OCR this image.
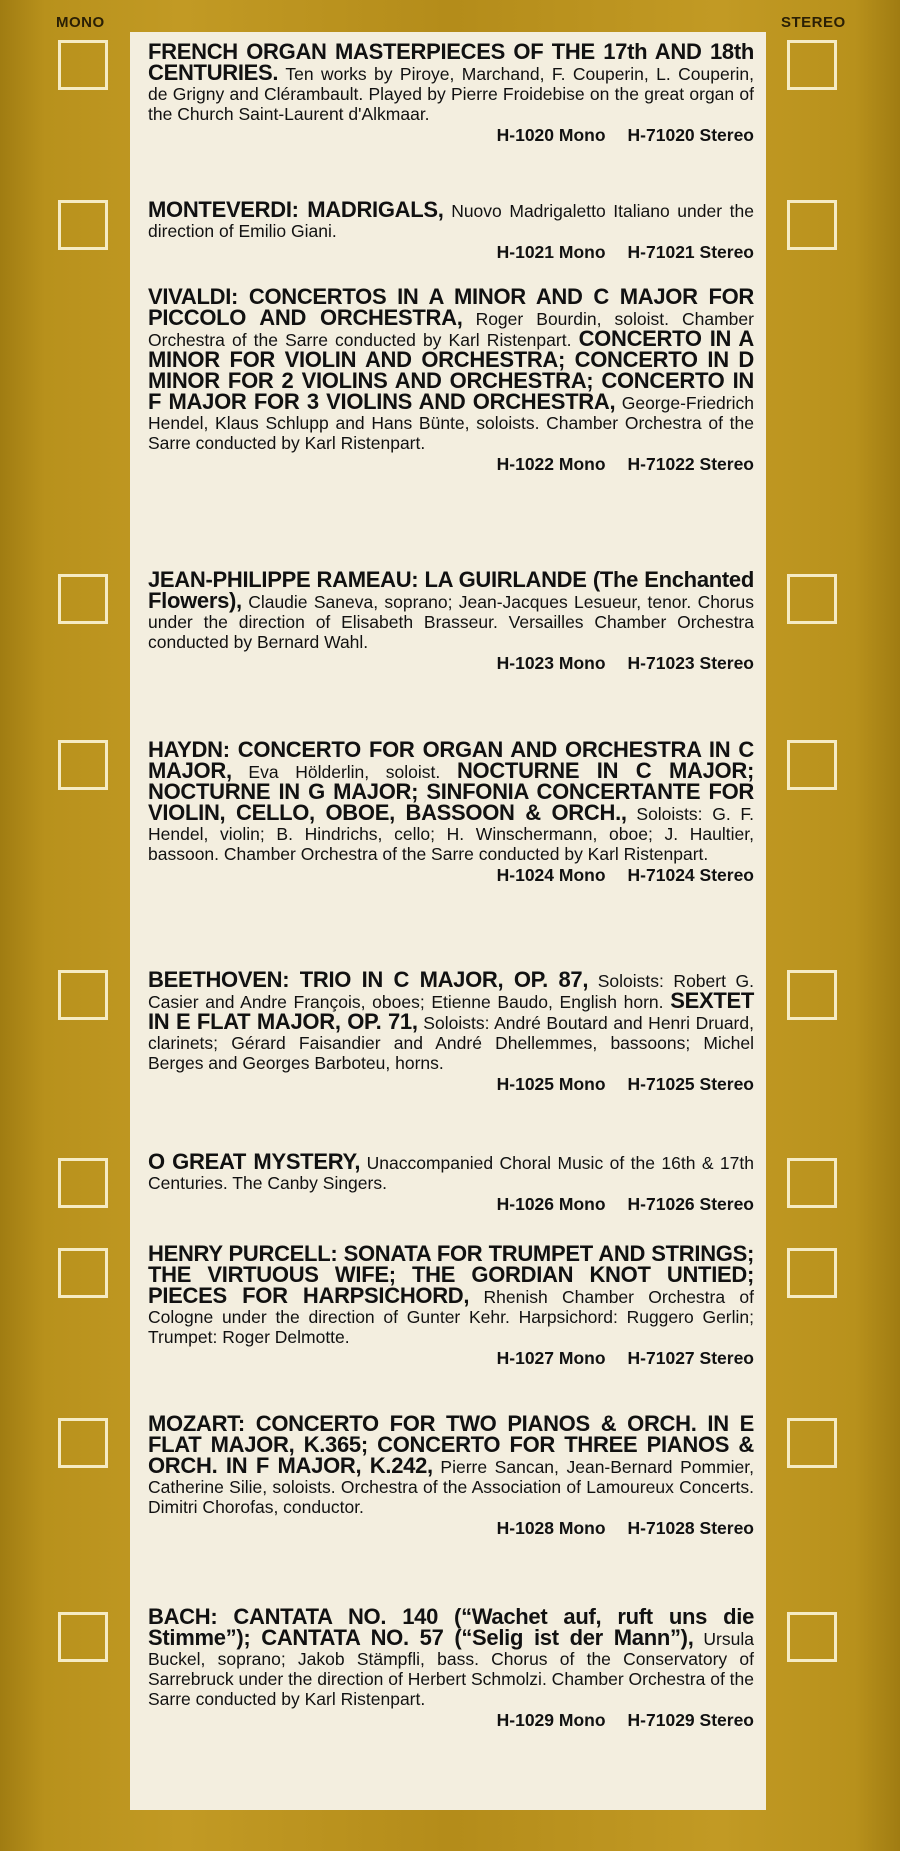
MONO	STEREO
FRENCH ORGAN MASTERPIECES OF THE 17th AND 18th CENTURIES. Ten works by Piroye, Marchand, F. Couperin, L. Couperin, de Grigny and Clérambault. Played by Pierre Froidebise on the great organ of the Church Saint-Laurent d'Alkmaar.
H-1020 Mono H-71020 Stereo
MONTEVERDI: MADRIGALS, Nuovo Madrigaletto Italiano under the direction of Emilio Giani.
H-1021 Mono H-71021 Stereo
VIVALDI: CONCERTOS IN A MINOR AND C MAJOR FOR PICCOLO AND ORCHESTRA, Roger Bourdin, soloist. Chamber Orchestra of the Sarre conducted by Karl Ristenpart. CONCERTO IN A MINOR FOR VIOLIN AND ORCHESTRA; CONCERTO IN D MINOR FOR 2 VIOLINS AND ORCHESTRA; CONCERTO IN F MAJOR FOR 3 VIOLINS AND ORCHESTRA, George-Friedrich Hendel, Klaus Schlupp and Hans Bünte, soloists. Chamber Orchestra of the Sarre conducted by Karl Ristenpart.
H-1022 Mono H-71022 Stereo
JEAN-PHILIPPE RAMEAU: LA GUIRLANDE (The Enchanted Flowers), Claudie Saneva, soprano; Jean-Jacques Lesueur, tenor. Chorus under the direction of Elisabeth Brasseur. Versailles Chamber Orchestra conducted by Bernard Wahl.
H-1023 Mono H-71023 Stereo
HAYDN: CONCERTO FOR ORGAN AND ORCHESTRA IN C MAJOR, Eva Hölderlin, soloist. NOCTURNE IN C MAJOR; NOCTURNE IN G MAJOR; SINFONIA CONCERTANTE FOR VIOLIN, CELLO, OBOE, BASSOON & ORCH., Soloists: G. F. Hendel, violin; B. Hindrichs, cello; H. Winschermann, oboe; J. Haultier, bassoon. Chamber Orchestra of the Sarre conducted by Karl Ristenpart.
H-1024 Mono H-71024 Stereo
BEETHOVEN: TRIO IN C MAJOR, OP. 87, Soloists: Robert G. Casier and Andre François, oboes; Etienne Baudo, English horn. SEXTET IN E FLAT MAJOR, OP. 71, Soloists: André Boutard and Henri Druard, clarinets; Gérard Faisandier and André Dhellemmes, bassoons; Michel Berges and Georges Barboteu, horns.
H-1025 Mono H-71025 Stereo
O GREAT MYSTERY, Unaccompanied Choral Music of the 16th & 17th Centuries. The Canby Singers.
H-1026 Mono H-71026 Stereo
HENRY PURCELL: SONATA FOR TRUMPET AND STRINGS; THE VIRTUOUS WIFE; THE GORDIAN KNOT UNTIED; PIECES FOR HARPSICHORD, Rhenish Chamber Orchestra of Cologne under the direction of Gunter Kehr. Harpsichord: Ruggero Gerlin; Trumpet: Roger Delmotte.
H-1027 Mono H-71027 Stereo
MOZART: CONCERTO FOR TWO PIANOS & ORCH. IN E FLAT MAJOR, K.365; CONCERTO FOR THREE PIANOS & ORCH. IN F MAJOR, K.242, Pierre Sancan, Jean-Bernard Pommier, Catherine Silie, soloists. Orchestra of the Association of Lamoureux Concerts. Dimitri Chorofas, conductor.
H-1028 Mono H-71028 Stereo
BACH: CANTATA NO. 140 (“Wachet auf, ruft uns die Stimme”); CANTATA NO. 57 (“Selig ist der Mann”), Ursula Buckel, soprano; Jakob Stämpfli, bass. Chorus of the Conservatory of Sarrebruck under the direction of Herbert Schmolzi. Chamber Orchestra of the Sarre conducted by Karl Ristenpart.
H-1029 Mono H-71029 Stereo
